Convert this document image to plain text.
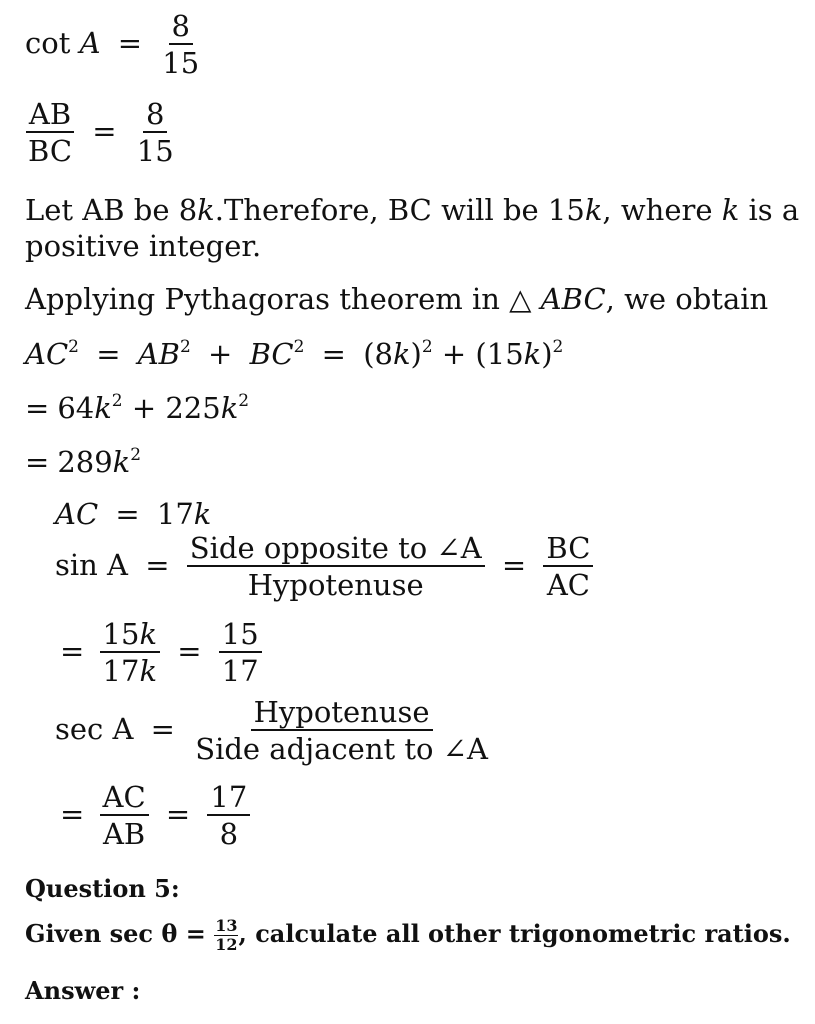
$\cot A = \frac{8}{15}$
$\frac{AB}{BC} = \frac{8}{15}$
Let AB be 8k.Therefore, BC will be 15k, where k is a
positive integer.
Applying Pythagoras theorem in △ ABC, we obtain
$AC^2 = AB^2 + BC^2 = (8k)^2 + (15k)^2$
= $64k^2 + 225k^2$
= $289k^2$
AC = 17k
sin A = Side opposite to ∠A
Hypotenuse
= $\frac{BC}{AC}$
= $\frac{15k}{17k} = \frac{15}{17}$
sec A =	Hypotenuse
Side adjacent to ∠A
= $\frac{AC}{AB} = \frac{17}{8}$
Question 5:
Given $\sec \theta = \frac{13}{12}$ , calculate all other trigonometric ratios.
Answer :
